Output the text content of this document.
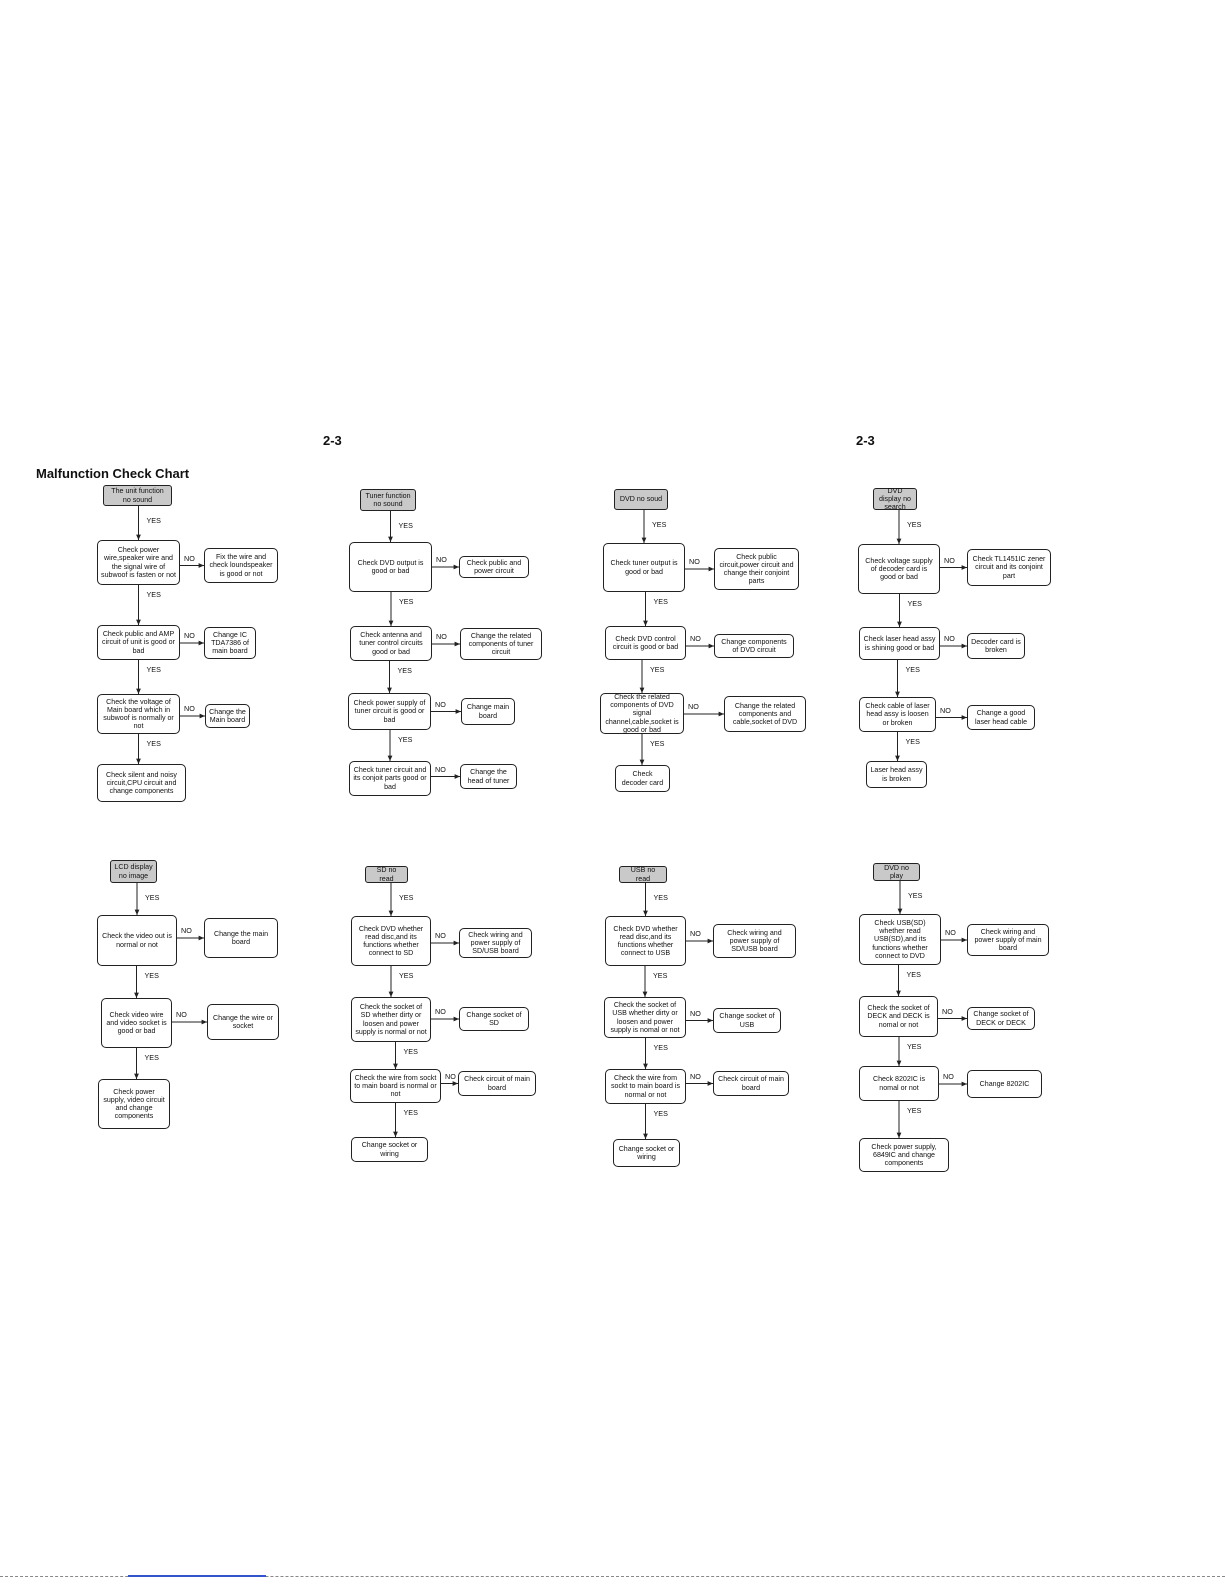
2-3	2-3
Malfunction Check Chart
The unit function no sound
YES
Check power wire,speaker wire and the signal wire of subwoof is fasten or not
NO	Fix the wire and check loundspeaker is good or not
YES
Check public and AMP circuit of unit is good or bad
NO	Change IC TDA7386 of main board
YES
Check the voltage of Main board which in subwoof is normally or not
NO	Change the Main board
YES
Check silent and noisy circuit,CPU circuit and change components
Tuner function no sound
YES
Check DVD output is good or bad
NO	Check public and power circuit
YES
Check antenna and tuner control circuits good or bad
NO	Change the related components of tuner circuit
YES
Check power supply of tuner circuit is good or bad
NO	Change main board
YES
Check tuner circuit and its conjoit parts good or bad
NO	Change the head of tuner
DVD no soud
YES
Check tuner output is good or bad
NO
Check public circuit,power circuit and change their conjoint parts
YES
Check DVD control circuit is good or bad
NO	Change components of DVD circuit
YES
Check the related components of DVD signal channel,cable,socket is good or bad
NO	Change the related components and cable,socket of DVD
YES
Check decoder card
DVD display no search
YES
Check voltage supply of decoder card is good or bad
NO	Check TL1451IC zener circuit and its conjoint part
YES
Check laser head assy is shining good or bad
NO	Decoder card is broken
YES
Check cable of laser head assy is loosen or broken
NO	Change a good laser head cable
YES
Laser head assy is broken
LCD display no image
YES
Check the video out is normal or not
NO	Change the main board
YES
Check video wire and video socket is good or bad
NO	Change the wire or socket
YES
Check power supply, video circuit and change components
SD no read
YES
Check DVD whether read disc,and its functions whether connect to SD
NO	Check wiring and power supply of SD/USB board
YES
Check the socket of SD whether dirty or loosen and power supply is normal or not
NO	Change socket of SD
YES
Check the wire from sockt to main board is normal or not
NO	Check circuit of main board
YES
Change socket or wiring
USB no read
YES
Check DVD whether read disc,and its functions whether connect to USB
NO	Check wiring and power supply of SD/USB board
YES
Check the socket of USB whether dirty or loosen and power supply is nomal or not
NO	Change socket of USB
YES
Check the wire from sockt to main board is normal or not
NO	Check circuit of main board
YES
Change socket or wiring
DVD no play
YES
Check USB(SD) whether read USB(SD),and its functions whether connect to DVD
NO	Check wiring and power supply of main board
YES
Check the socket of DECK and DECK is nomal or not
NO	Change socket of DECK or DECK
YES
Check 8202IC is nomal or not
NO
Change 8202IC
YES
Check power supply, 6849IC and change components
